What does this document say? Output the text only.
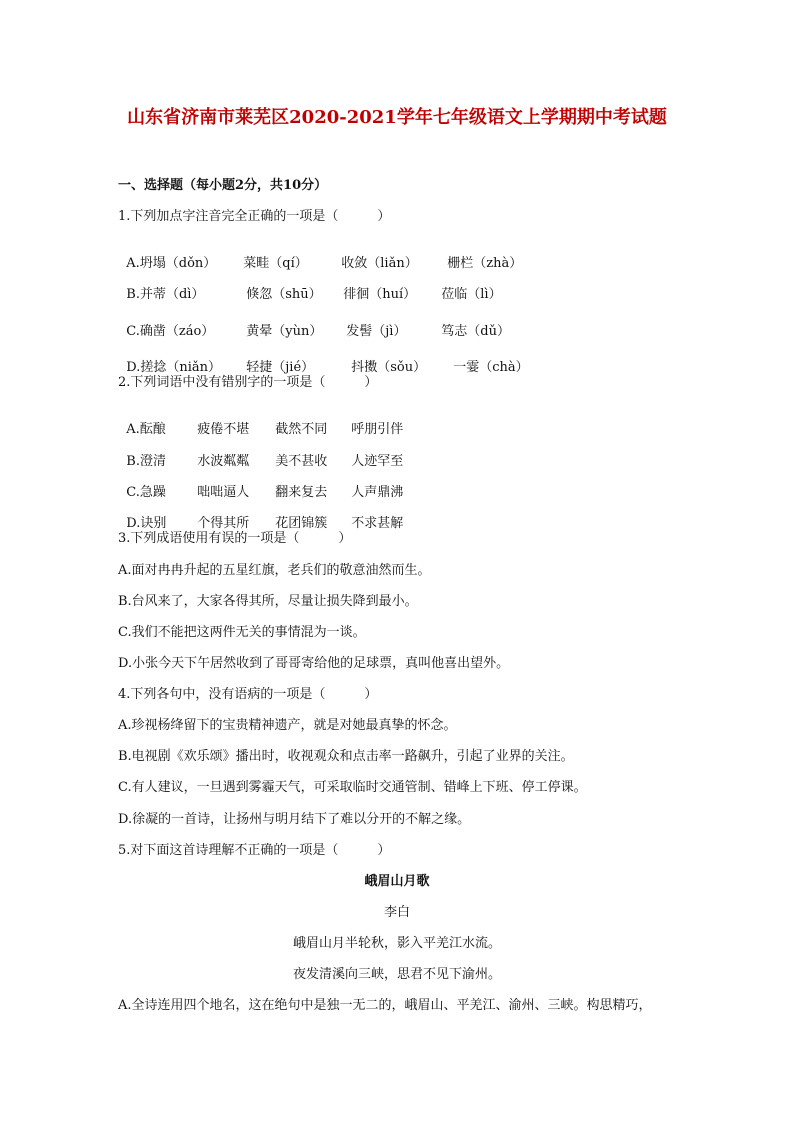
山东省济南市莱芜区2020-2021学年七年级语文上学期期中考试题
一、选择题（每小题2分，共10分）
1.下列加点字注音完全正确的一项是（　　　）

A.坍塌（dǒn） 菜畦（qí）	收敛（liǎn） 栅栏（zhà）

B.并蒂（dì）	倏忽（shū） 徘徊（huí） 莅临（lì）

C.确凿（záo） 黄晕（yùn） 发髻（jì）	笃志（dǔ）

D.搓捻（niǎn） 轻捷（jié）	抖擞（sǒu） 一霎（chà）

2.下列词语中没有错别字的一项是（　　　）

A.酝酿 疲倦不堪 截然不同 呼朋引伴

B.澄清 水波粼粼 美不甚收 人迹罕至

C.急躁 咄咄逼人 翻来复去 人声鼎沸

D.诀别 个得其所 花团锦簇 不求甚解

3.下列成语使用有误的一项是（　　　）
A.面对冉冉升起的五星红旗，老兵们的敬意油然而生。
B.台风来了，大家各得其所，尽量让损失降到最小。
C.我们不能把这两件无关的事情混为一谈。
D.小张今天下午居然收到了哥哥寄给他的足球票，真叫他喜出望外。
4.下列各句中，没有语病的一项是（　　　）
A.珍视杨绛留下的宝贵精神遗产，就是对她最真挚的怀念。
B.电视剧《欢乐颂》播出时，收视观众和点击率一路飙升，引起了业界的关注。
C.有人建议，一旦遇到雾霾天气，可采取临时交通管制、错峰上下班、停工停课。
D.徐凝的一首诗，让扬州与明月结下了难以分开的不解之缘。
5.对下面这首诗理解不正确的一项是（　　　）
峨眉山月歌
李白
峨眉山月半轮秋，影入平羌江水流。
夜发清溪向三峡，思君不见下渝州。
A.全诗连用四个地名，这在绝句中是独一无二的，峨眉山、平羌江、渝州、三峡。构思精巧，
